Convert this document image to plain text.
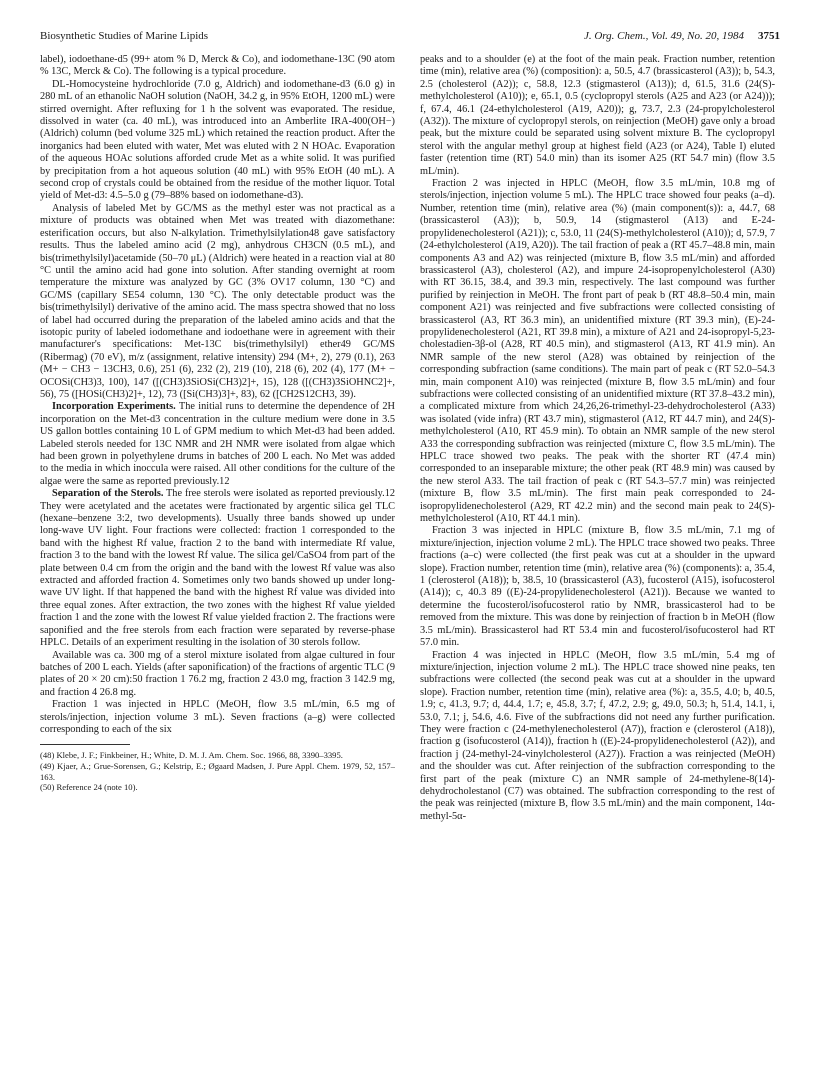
Biosynthetic Studies of Marine Lipids	J. Org. Chem., Vol. 49, No. 20, 1984 3751

label), iodoethane-d5 (99+ atom % D, Merck & Co), and iodomethane-13C (90 atom % 13C, Merck & Co). The following is a typical procedure.

DL-Homocysteine hydrochloride (7.0 g, Aldrich) and iodomethane-d3 (6.0 g) in 280 mL of an ethanolic NaOH solution (NaOH, 34.2 g, in 95% EtOH, 1200 mL) were stirred overnight. After refluxing for 1 h the solvent was evaporated. The residue, dissolved in water (ca. 40 mL), was introduced into an Amberlite IRA-400(OH−) (Aldrich) column (bed volume 325 mL) which retained the reaction product. After the inorganics had been eluted with water, Met was eluted with 2 N HOAc. Evaporation of the aqueous HOAc solutions afforded crude Met as a white solid. It was purified by precipitation from a hot aqueous solution (40 mL) with 95% EtOH (40 mL). A second crop of crystals could be obtained from the residue of the mother liquor. Total yield of Met-d3: 4.5–5.0 g (79–88% based on iodomethane-d3).

Analysis of labeled Met by GC/MS as the methyl ester was not practical as a mixture of products was obtained when Met was treated with diazomethane: esterification occurs, but also N-alkylation. Trimethylsilylation48 gave satisfactory results. Thus the labeled amino acid (2 mg), anhydrous CH3CN (0.5 mL), and bis(trimethylsilyl)acetamide (50–70 μL) (Aldrich) were heated in a reaction vial at 80 °C until the amino acid had gone into solution. After standing overnight at room temperature the mixture was analyzed by GC (3% OV17 column, 130 °C) and GC/MS (capillary SE54 column, 130 °C). The only detectable product was the bis(trimethylsilyl) derivative of the amino acid. The mass spectra showed that no loss of label had occurred during the preparation of the labeled amino acids and that the isotopic purity of labeled iodomethane and iodoethane were in agreement with their manufacturer's specifications: Met-13C bis(trimethylsilyl) ether49 GC/MS (Ribermag) (70 eV), m/z (assignment, relative intensity) 294 (M+, 2), 279 (0.1), 263 (M+ − CH3 − 13CH3, 0.6), 251 (6), 232 (2), 219 (10), 218 (6), 202 (4), 177 (M+ − OCOSi(CH3)3, 100), 147 ([(CH3)3SiOSi(CH3)2]+, 15), 128 ([(CH3)3SiOHNC2]+, 56), 75 ([HOSi(CH3)2]+, 12), 73 ([Si(CH3)3]+, 83), 62 ([CH2S12CH3, 39).

Incorporation Experiments. The initial runs to determine the dependence of 2H incorporation on the Met-d3 concentration in the culture medium were done in 3.5 US gallon bottles containing 10 L of GPM medium to which Met-d3 had been added. Labeled sterols needed for 13C NMR and 2H NMR were isolated from algae which had been grown in polyethylene drums in batches of 200 L each. No Met was added to the media in which inoccula were raised. All other conditions for the culture of the algae were the same as reported previously.12

Separation of the Sterols. The free sterols were isolated as reported previously.12 They were acetylated and the acetates were fractionated by argentic silica gel TLC (hexane–benzene 3:2, two developments). Usually three bands showed up under long-wave UV light. Four fractions were collected: fraction 1 corresponded to the band with the highest Rf value, fraction 2 to the band with intermediate Rf value, fraction 3 to the band with the lowest Rf value. The silica gel/CaSO4 from part of the plate between 0.4 cm from the origin and the band with the lowest Rf value was also extracted and afforded fraction 4. Sometimes only two bands showed up under long-wave UV light. If that happened the band with the highest Rf value was divided into three equal zones. After extraction, the two zones with the highest Rf value yielded fraction 1 and the zone with the lowest Rf value yielded fraction 2. The fractions were saponified and the free sterols from each fraction were separated by reverse-phase HPLC. Details of an experiment resulting in the isolation of 30 sterols follow.

Available was ca. 300 mg of a sterol mixture isolated from algae cultured in four batches of 200 L each. Yields (after saponification) of the fractions of argentic TLC (9 plates of 20 × 20 cm):50 fraction 1 76.2 mg, fraction 2 43.0 mg, fraction 3 142.9 mg, and fraction 4 26.8 mg.

Fraction 1 was injected in HPLC (MeOH, flow 3.5 mL/min, 6.5 mg of sterols/injection, injection volume 3 mL). Seven fractions (a–g) were collected corresponding to each of the six

(48) Klebe, J. F.; Finkbeiner, H.; White, D. M. J. Am. Chem. Soc. 1966, 88, 3390–3395.

(49) Kjaer, A.; Grue-Sorensen, G.; Kelstrip, E.; Øgaard Madsen, J. Pure Appl. Chem. 1979, 52, 157–163.

(50) Reference 24 (note 10).

peaks and to a shoulder (e) at the foot of the main peak. Fraction number, retention time (min), relative area (%) (composition): a, 50.5, 4.7 (brassicasterol (A3)); b, 54.3, 2.5 (cholesterol (A2)); c, 58.8, 12.3 (stigmasterol (A13)); d, 61.5, 31.6 (24(S)-methylcholesterol (A10)); e, 65.1, 0.5 (cyclopropyl sterols (A25 and A23 (or A24))); f, 67.4, 46.1 (24-ethylcholesterol (A19, A20)); g, 73.7, 2.3 (24-propylcholesterol (A32)). The mixture of cyclopropyl sterols, on reinjection (MeOH) gave only a broad peak, but the mixture could be separated using solvent mixture B. The cyclopropyl sterol with the angular methyl group at highest field (A23 (or A24), Table I) eluted faster (retention time (RT) 54.0 min) than its isomer A25 (RT 54.7 min) (flow 3.5 mL/min).

Fraction 2 was injected in HPLC (MeOH, flow 3.5 mL/min, 10.8 mg of sterols/injection, injection volume 5 mL). The HPLC trace showed four peaks (a–d). Number, retention time (min), relative area (%) (main component(s)): a, 44.7, 68 (brassicasterol (A3)); b, 50.9, 14 (stigmasterol (A13) and E-24-propylidenecholesterol (A21)); c, 53.0, 11 (24(S)-methylcholesterol (A10)); d, 57.9, 7 (24-ethylcholesterol (A19, A20)). The tail fraction of peak a (RT 45.7–48.8 min, main components A3 and A2) was reinjected (mixture B, flow 3.5 mL/min) and afforded brassicasterol (A3), cholesterol (A2), and impure 24-isopropenylcholesterol (A30) with RT 36.15, 38.4, and 39.3 min, respectively. The last compound was further purified by reinjection in MeOH. The front part of peak b (RT 48.8–50.4 min, main component A21) was reinjected and five subfractions were collected consisting of brassicasterol (A3, RT 36.3 min), an unidentified mixture (RT 39.3 min), (E)-24-propylidenecholesterol (A21, RT 39.8 min), a mixture of A21 and 24-isopropyl-5,23-cholestadien-3β-ol (A28, RT 40.5 min), and stigmasterol (A13, RT 41.9 min). An NMR sample of the new sterol (A28) was obtained by reinjection of the corresponding subfraction (same conditions). The main part of peak c (RT 52.0–54.3 min, main component A10) was reinjected (mixture B, flow 3.5 mL/min) and four subfractions were collected consisting of an unidentified mixture (RT 37.8–43.2 min), a complicated mixture from which 24,26,26-trimethyl-23-dehydrocholesterol (A33) was isolated (vide infra) (RT 43.7 min), stigmasterol (A12, RT 44.7 min), and 24(S)-methylcholesterol (A10, RT 45.9 min). To obtain an NMR sample of the new sterol A33 the corresponding subfraction was reinjected (mixture C, flow 3.5 mL/min). The HPLC trace showed two peaks. The peak with the shorter RT (47.4 min) corresponded to an inseparable mixture; the other peak (RT 48.9 min) was caused by the new sterol A33. The tail fraction of peak c (RT 54.3–57.7 min) was reinjected (mixture B, flow 3.5 mL/min). The first main peak corresponded to 24-isopropylidenecholesterol (A29, RT 42.2 min) and the second main peak to 24(S)-methylcholesterol (A10, RT 44.1 min).

Fraction 3 was injected in HPLC (mixture B, flow 3.5 mL/min, 7.1 mg of mixture/injection, injection volume 2 mL). The HPLC trace showed two peaks. Three fractions (a–c) were collected (the first peak was cut at a shoulder in the upward slope). Fraction number, retention time (min), relative area (%) (components): a, 35.4, 1 (clerosterol (A18)); b, 38.5, 10 (brassicasterol (A3), fucosterol (A15), isofucosterol (A14)); c, 40.3 89 ((E)-24-propylidenecholesterol (A21)). Because we wanted to determine the fucosterol/isofucosterol ratio by NMR, brassicasterol had to be removed from the mixture. This was done by reinjection of fraction b in MeOH (flow 3.5 mL/min). Brassicasterol had RT 53.4 min and fucosterol/isofucosterol had RT 57.0 min.

Fraction 4 was injected in HPLC (MeOH, flow 3.5 mL/min, 5.4 mg of mixture/injection, injection volume 2 mL). The HPLC trace showed nine peaks, ten subfractions were collected (the second peak was cut at a shoulder in the upward slope). Fraction number, retention time (min), relative area (%): a, 35.5, 4.0; b, 40.5, 1.9; c, 41.3, 9.7; d, 44.4, 1.7; e, 45.8, 3.7; f, 47.2, 2.9; g, 49.0, 50.3; h, 51.4, 14.1, i, 53.0, 7.1; j, 54.6, 4.6. Five of the subfractions did not need any further purification. They were fraction c (24-methylenecholesterol (A7)), fraction e (clerosterol (A18)), fraction g (isofucosterol (A14)), fraction h ((E)-24-propylidenecholesterol (A2)), and fraction j (24-methyl-24-vinylcholesterol (A27)). Fraction a was reinjected (MeOH) and the shoulder was cut. After reinjection of the subfraction corresponding to the first part of the peak (mixture C) an NMR sample of 24-methylene-8(14)-dehydrocholestanol (C7) was obtained. The subfraction corresponding to the rest of the peak was reinjected (mixture B, flow 3.5 mL/min) and the main component, 14α-methyl-5α-
